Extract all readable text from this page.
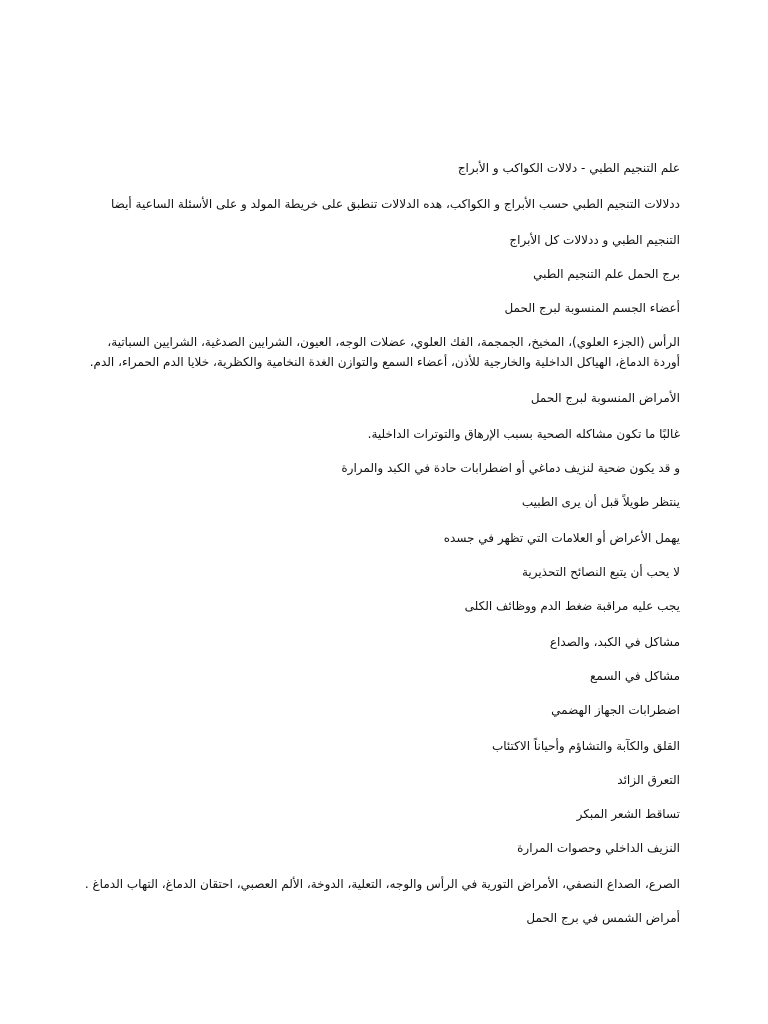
علم التنجيم الطبي - دلالات الكواكب و الأبراج
ددلالات التنجيم الطبي حسب الأبراج و الكواكب، هده الدلالات تنطبق على خريطة المولد و على الأسئلة الساعية أيضا
التنجيم الطبي و ددلالات كل الأبراج
برج الحمل علم التنجيم الطبي
أعضاء الجسم المنسوبة لبرج الحمل
الرأس (الجزء العلوي)، المخيخ، الجمجمة، الفك العلوي، عضلات الوجه، العيون، الشرايين الصدغية، الشرايين السباتية، أوردة الدماغ، الهياكل الداخلية والخارجية للأذن، أعضاء السمع والتوازن الغدة النخامية والكظرية، خلايا الدم الحمراء، الدم.
الأمراض المنسوبة لبرج الحمل
غالبًا ما تكون مشاكله الصحية بسبب الإرهاق والتوترات الداخلية.
و قد يكون ضحية لنزيف دماغي أو اضطرابات حادة في الكبد والمرارة
ينتظر طويلاً قبل أن يرى الطبيب
يهمل الأعراض أو العلامات التي تظهر في جسده
لا يحب أن يتبع النصائح التحذيرية
يجب عليه مراقبة ضغط الدم ووظائف الكلى
مشاكل في الكبد، والصداع
مشاكل في السمع
اضطرابات الجهاز الهضمي
القلق والكآبة والتشاؤم وأحياناً الاكتئاب
التعرق الزائد
تساقط الشعر المبكر
النزيف الداخلي وحصوات المرارة
الصرع، الصداع النصفي، الأمراض التورية في الرأس والوجه، التعلية، الدوخة، الألم العصبي، احتقان الدماغ، التهاب الدماغ .
أمراض الشمس في برج الحمل
